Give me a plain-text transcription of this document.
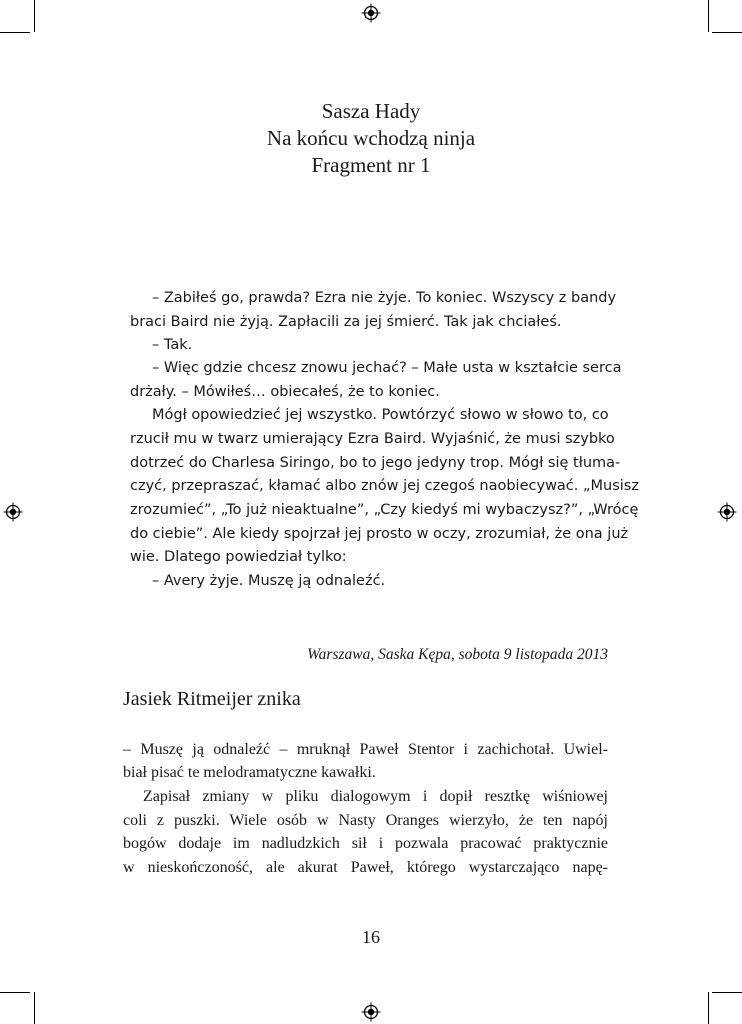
Sasza Hady

Na końcu wchodzą ninja

Fragment nr 1

– Zabiłeś go, prawda? Ezra nie żyje. To koniec. Wszyscy z bandy

braci Baird nie żyją. Zapłacili za jej śmierć. Tak jak chciałeś.

– Tak.

– Więc gdzie chcesz znowu jechać? – Małe usta w kształcie serca

drżały. – Mówiłeś… obiecałeś, że to koniec.

Mógł opowiedzieć jej wszystko. Powtórzyć słowo w słowo to, co

rzucił mu w twarz umierający Ezra Baird. Wyjaśnić, że musi szybko

dotrzeć do Charlesa Siringo, bo to jego jedyny trop. Mógł się tłuma-

czyć, przepraszać, kłamać albo znów jej czegoś naobiecywać. „Musisz

zrozumieć”, „To już nieaktualne”, „Czy kiedyś mi wybaczysz?”, „Wrócę

do ciebie”. Ale kiedy spojrzał jej prosto w oczy, zrozumiał, że ona już

wie. Dlatego powiedział tylko:

– Avery żyje. Muszę ją odnaleźć.

Warszawa, Saska Kępa, sobota 9 listopada 2013

Jasiek Ritmeijer znika

– Muszę ją odnaleźć – mruknął Paweł Stentor i zachichotał. Uwiel-

biał pisać te melodramatyczne kawałki.

Zapisał zmiany w pliku dialogowym i dopił resztkę wiśniowej

coli z puszki. Wiele osób w Nasty Oranges wierzyło, że ten napój

bogów dodaje im nadludzkich sił i pozwala pracować praktycznie

w nieskończoność, ale akurat Paweł, którego wystarczająco napę-

16
